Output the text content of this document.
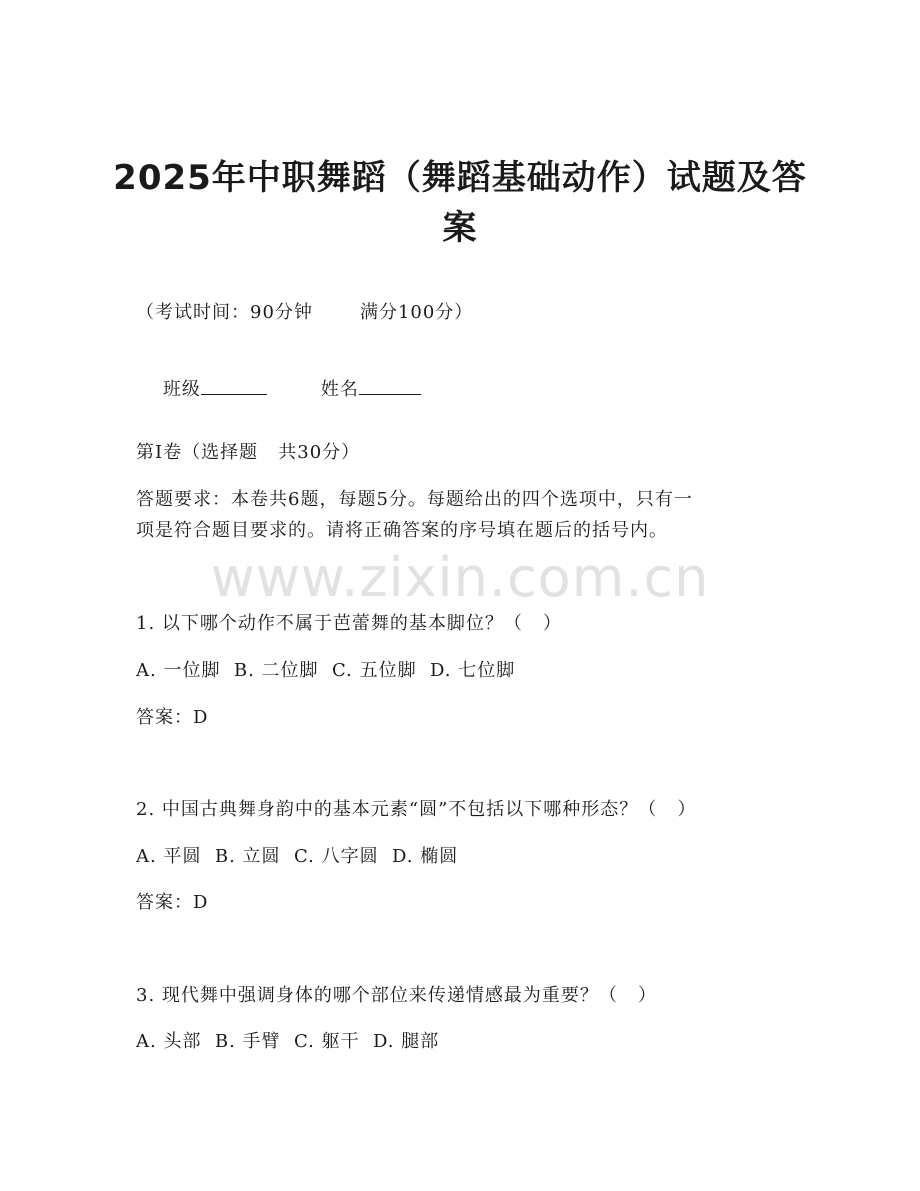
2025年中职舞蹈（舞蹈基础动作）试题及答
案
（考试时间：90分钟       满分100分）

班级	姓名

第I卷（选择题   共30分）
答题要求：本卷共6题，每题5分。每题给出的四个选项中，只有一
项是符合题目要求的。请将正确答案的序号填在题后的括号内。
www.zixin.com.cn
1. 以下哪个动作不属于芭蕾舞的基本脚位？（   ）
A. 一位脚  B. 二位脚  C. 五位脚  D. 七位脚
答案：D
2. 中国古典舞身韵中的基本元素“圆”不包括以下哪种形态？（   ）
A. 平圆  B. 立圆  C. 八字圆  D. 椭圆
答案：D
3. 现代舞中强调身体的哪个部位来传递情感最为重要？（   ）
A. 头部  B. 手臂  C. 躯干  D. 腿部
